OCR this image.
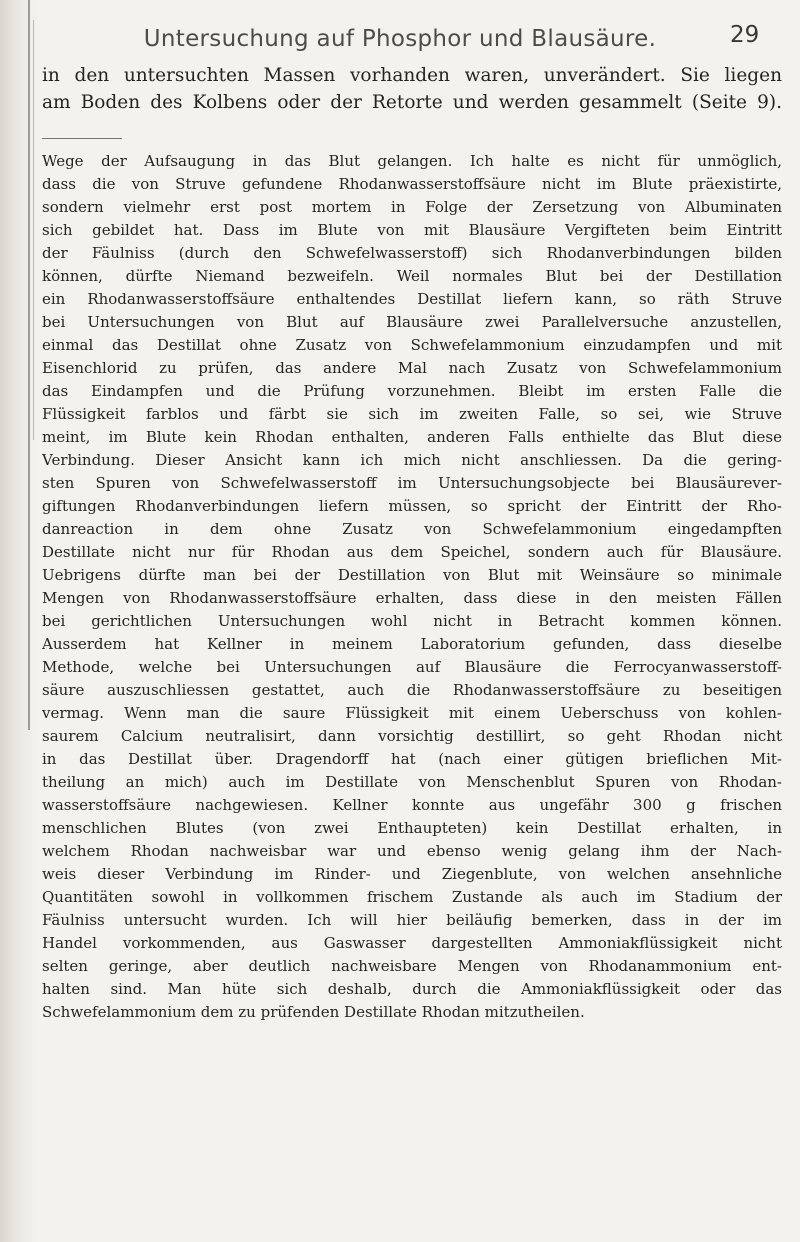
Untersuchung auf Phosphor und Blausäure.	29
in den untersuchten Massen vorhanden waren, unverändert. Sie liegen
am Boden des Kolbens oder der Retorte und werden gesammelt (Seite 9).
Wege der Aufsaugung in das Blut gelangen. Ich halte es nicht für unmöglich,
dass die von Struve gefundene Rhodanwasserstoffsäure nicht im Blute präexistirte,
sondern vielmehr erst post mortem in Folge der Zersetzung von Albuminaten
sich gebildet hat. Dass im Blute von mit Blausäure Vergifteten beim Eintritt
der Fäulniss (durch den Schwefelwasserstoff) sich Rhodanverbindungen bilden
können, dürfte Niemand bezweifeln. Weil normales Blut bei der Destillation
ein Rhodanwasserstoffsäure enthaltendes Destillat liefern kann, so räth Struve
bei Untersuchungen von Blut auf Blausäure zwei Parallelversuche anzustellen,
einmal das Destillat ohne Zusatz von Schwefelammonium einzudampfen und mit
Eisenchlorid zu prüfen, das andere Mal nach Zusatz von Schwefelammonium
das Eindampfen und die Prüfung vorzunehmen. Bleibt im ersten Falle die
Flüssigkeit farblos und färbt sie sich im zweiten Falle, so sei, wie Struve
meint, im Blute kein Rhodan enthalten, anderen Falls enthielte das Blut diese
Verbindung. Dieser Ansicht kann ich mich nicht anschliessen. Da die gering-
sten Spuren von Schwefelwasserstoff im Untersuchungsobjecte bei Blausäurever-
giftungen Rhodanverbindungen liefern müssen, so spricht der Eintritt der Rho-
danreaction in dem ohne Zusatz von Schwefelammonium eingedampften
Destillate nicht nur für Rhodan aus dem Speichel, sondern auch für Blausäure.
Uebrigens dürfte man bei der Destillation von Blut mit Weinsäure so minimale
Mengen von Rhodanwasserstoffsäure erhalten, dass diese in den meisten Fällen
bei gerichtlichen Untersuchungen wohl nicht in Betracht kommen können.
Ausserdem hat Kellner in meinem Laboratorium gefunden, dass dieselbe
Methode, welche bei Untersuchungen auf Blausäure die Ferrocyanwasserstoff-
säure auszuschliessen gestattet, auch die Rhodanwasserstoffsäure zu beseitigen
vermag. Wenn man die saure Flüssigkeit mit einem Ueberschuss von kohlen-
saurem Calcium neutralisirt, dann vorsichtig destillirt, so geht Rhodan nicht
in das Destillat über. Dragendorff hat (nach einer gütigen brieflichen Mit-
theilung an mich) auch im Destillate von Menschenblut Spuren von Rhodan-
wasserstoffsäure nachgewiesen. Kellner konnte aus ungefähr 300 g frischen
menschlichen Blutes (von zwei Enthaupteten) kein Destillat erhalten, in
welchem Rhodan nachweisbar war und ebenso wenig gelang ihm der Nach-
weis dieser Verbindung im Rinder- und Ziegenblute, von welchen ansehnliche
Quantitäten sowohl in vollkommen frischem Zustande als auch im Stadium der
Fäulniss untersucht wurden. Ich will hier beiläufig bemerken, dass in der im
Handel vorkommenden, aus Gaswasser dargestellten Ammoniakflüssigkeit nicht
selten geringe, aber deutlich nachweisbare Mengen von Rhodanammonium ent-
halten sind. Man hüte sich deshalb, durch die Ammoniakflüssigkeit oder das
Schwefelammonium dem zu prüfenden Destillate Rhodan mitzutheilen.
